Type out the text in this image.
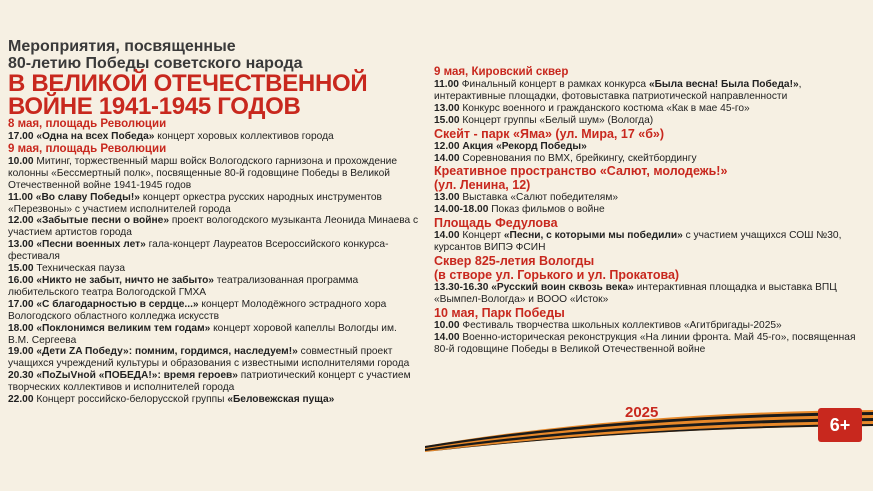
Мероприятия, посвященные
80-летию Победы советского народа
В ВЕЛИКОЙ ОТЕЧЕСТВЕННОЙ
ВОЙНЕ 1941-1945 ГОДОВ
8 мая, площадь Революции
17.00 «Одна на всех Победа» концерт хоровых коллективов города
9 мая, площадь Революции
10.00 Митинг, торжественный марш войск Вологодского гарнизона и прохождение колонны «Бессмертный полк», посвященные 80-й годовщине Победы в Великой Отечественной войне 1941-1945 годов
11.00 «Во славу Победы!» концерт оркестра русских народных инструментов «Перезвоны» с участием исполнителей города
12.00 «Забытые песни о войне» проект вологодского музыканта Леонида Минаева с участием артистов города
13.00 «Песни военных лет» гала-концерт Лауреатов Всероссийского конкурса-фестиваля
15.00 Техническая пауза
16.00 «Никто не забыт, ничто не забыто» театрализованная программа любительского театра Вологодской ГМХА
17.00 «С благодарностью в сердце...» концерт Молодёжного эстрадного хора Вологодского областного колледжа искусств
18.00 «Поклонимся великим тем годам» концерт хоровой капеллы Вологды им. В.М. Сергеева
19.00 «Дети ZA Победу»: помним, гордимся, наследуем!» совместный проект учащихся учреждений культуры и образования с известными исполнителями города
20.30 «ПоZыVной «ПОБЕДА!»: время героев» патриотический концерт с участием творческих коллективов и исполнителей города
22.00 Концерт российско-белорусской группы «Беловежская пуща»
9 мая, Кировский сквер
11.00 Финальный концерт в рамках конкурса «Была весна! Была Победа!», интерактивные площадки, фотовыставка патриотической направленности
13.00 Конкурс военного и гражданского костюма «Как в мае 45-го»
15.00 Концерт группы «Белый шум» (Вологда)
Скейт - парк «Яма» (ул. Мира, 17 «б»)
12.00 Акция «Рекорд Победы»
14.00 Соревнования по BMX, брейкингу, скейтбордингу
Креативное пространство «Салют, молодежь!»
(ул. Ленина, 12)
13.00 Выставка «Салют победителям»
14.00-18.00 Показ фильмов о войне
Площадь Федулова
14.00 Концерт «Песни, с которыми мы победили» с участием учащихся СОШ №30, курсантов ВИПЭ ФСИН
Сквер 825-летия Вологды
(в створе ул. Горького и ул. Прокатова)
13.30-16.30 «Русский воин сквозь века» интерактивная площадка и выставка ВПЦ «Вымпел-Вологда» и ВООО «Исток»
10 мая, Парк Победы
10.00 Фестиваль творчества школьных коллективов «Агитбригады-2025»
14.00 Военно-историческая реконструкция «На линии фронта. Май 45-го», посвященная 80-й годовщине Победы в Великой Отечественной войне
2025
6+
